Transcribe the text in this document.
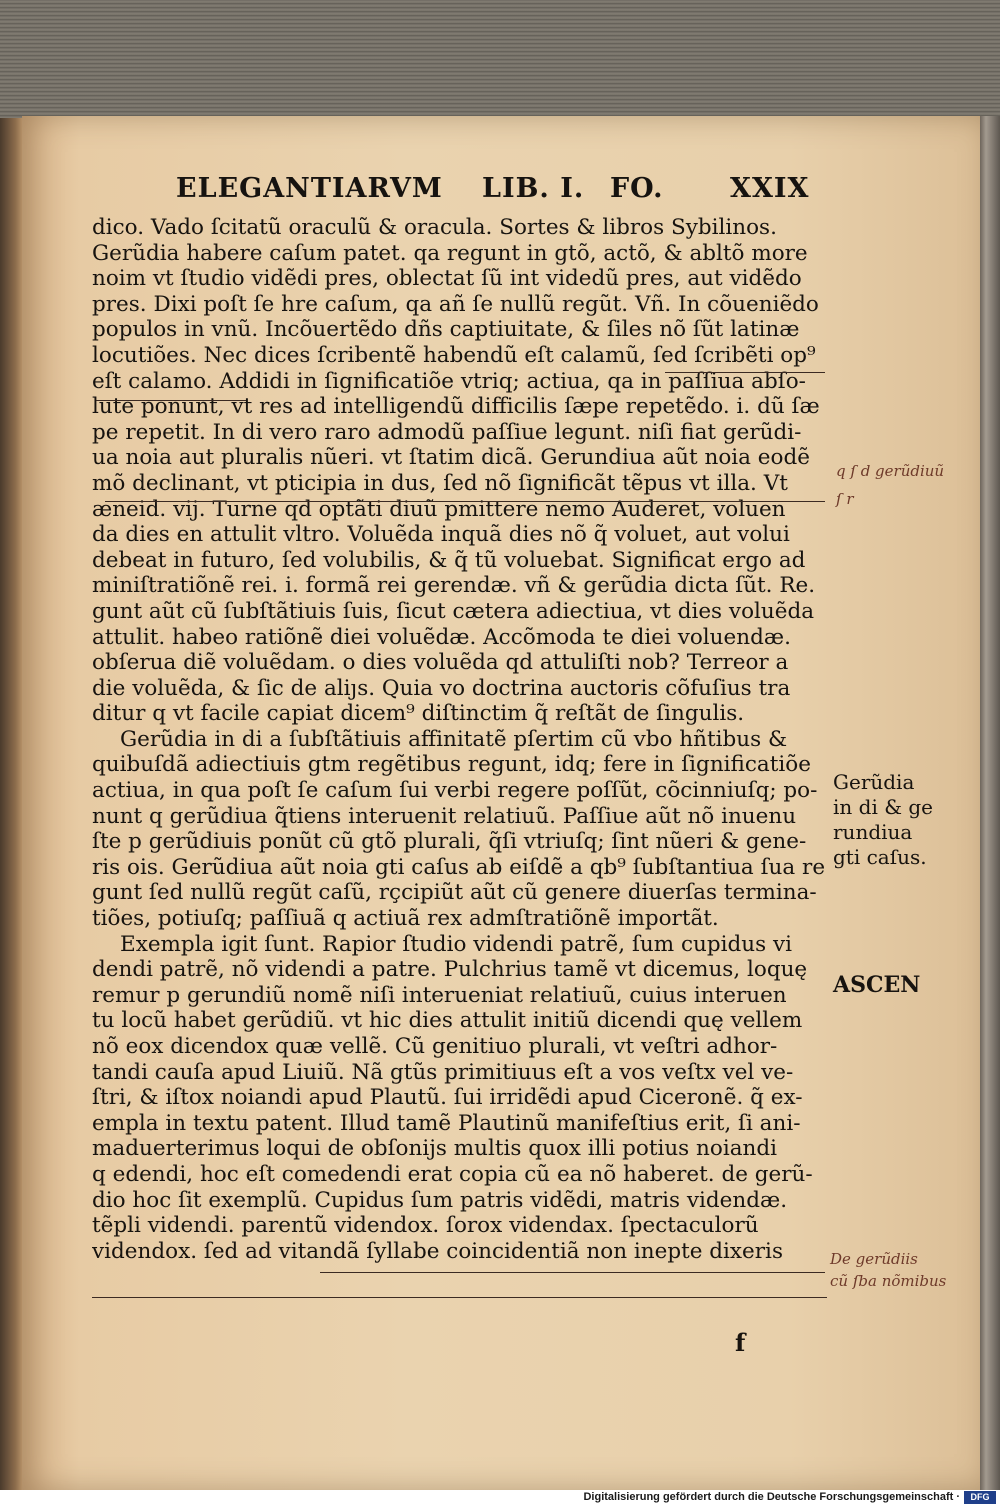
ELEGANTIARVM LIB. I. FO. XXIX
dico. Vado ſcitatũ oraculũ & oracula. Sortes & libros Sybilinos.
Gerũdia habere caſum patet. qa regunt in gtõ, actõ, & abltõ more
noim vt ſtudio vidẽdi pres, oblectat ſũ int videdũ pres, aut vidẽdo
pres. Dixi poſt ſe hre caſum, qa añ ſe nullũ regũt. Vñ. In cõueniẽdo
populos in vnũ. Incõuertẽdo dñs captiuitate, & ſiles nõ ſũt latinæ
locutiões. Nec dices ſcribentẽ habendũ eſt calamũ, ſed ſcribẽti op⁹
eſt calamo. Addidi in ſignificatiõe vtriq; actiua, qa in paſſiua abſo-
lute ponunt, vt res ad intelligendũ difficilis ſæpe repetẽdo. i. dũ ſæ
pe repetit. In di vero raro admodũ paſſiue legunt. niſi fiat gerũdi-
ua noia aut pluralis nũeri. vt ſtatim dicã. Gerundiua aũt noia eodẽ
mõ declinant, vt pticipia in dus, ſed nõ ſignificãt tẽpus vt illa. Vt
æneid. vij. Turne qd optãti diuũ pmittere nemo Auderet, voluen
da dies en attulit vltro. Voluẽda inquã dies nõ q̃ voluet, aut volui
debeat in futuro, ſed volubilis, & q̃ tũ voluebat. Significat ergo ad
miniſtratiõnẽ rei. i. formã rei gerendæ. vñ & gerũdia dicta ſũt. Re.
gunt aũt cũ ſubſtãtiuis ſuis, ſicut cætera adiectiua, vt dies voluẽda
attulit. habeo ratiõnẽ diei voluẽdæ. Accõmoda te diei voluendæ.
obſerua diẽ voluẽdam. o dies voluẽda qd attuliſti nob? Terreor a
die voluẽda, & ſic de aliȷs. Quia vo doctrina auctoris cõfuſius tra
ditur q vt facile capiat dicem⁹ diſtinctim q̃ reſtãt de ſingulis.
Gerũdia in di a ſubſtãtiuis affinitatẽ pſertim cũ vbo hñtibus &
quibuſdã adiectiuis gtm regẽtibus regunt, idq; fere in ſignificatiõe
actiua, in qua poſt ſe caſum ſui verbi regere poſſũt, cõcinniuſq; po-
nunt q gerũdiua q̃tiens interuenit relatiuũ. Paſſiue aũt nõ inuenu
ſte p gerũdiuis ponũt cũ gtõ plurali, q̃ſi vtriuſq; ſint nũeri & gene-
ris ois. Gerũdiua aũt noia gti caſus ab eiſdẽ a qb⁹ ſubſtantiua ſua re
gunt ſed nullũ regũt caſũ, rçcipiũt aũt cũ genere diuerſas termina-
tiões, potiuſq; paſſiuã q actiuã rex admſtratiõnẽ importãt.
Exempla igit ſunt. Rapior ſtudio videndi patrẽ, ſum cupidus vi
dendi patrẽ, nõ videndi a patre. Pulchrius tamẽ vt dicemus, loquę
remur p gerundiũ nomẽ niſi interueniat relatiuũ, cuius interuen
tu locũ habet gerũdiũ. vt hic dies attulit initiũ dicendi quę vellem
nõ eox dicendox quæ vellẽ. Cũ genitiuo plurali, vt veſtri adhor-
tandi cauſa apud Liuiũ. Nã gtũs primitiuus eſt a vos veſtx vel ve-
ſtri, & iſtox noiandi apud Plautũ. ſui irridẽdi apud Ciceronẽ. q̃ ex-
empla in textu patent. Illud tamẽ Plautinũ manifeſtius erit, ſi ani-
maduerterimus loqui de obſonijs multis quox illi potius noiandi
q edendi, hoc eſt comedendi erat copia cũ ea nõ haberet. de gerũ-
dio hoc ſit exemplũ. Cupidus ſum patris vidẽdi, matris videndæ.
tẽpli videndi. parentũ videndox. ſorox videndax. ſpectaculorũ
videndox. ſed ad vitandã ſyllabe coincidentiã non inepte dixeris
f
Gerũdia
in di & ge
rundiua
gti caſus.
ASCEN
q ſ d gerũdiuũ
ſ r
De gerũdiis
cũ ſba nõmibus
Digitalisierung gefördert durch die Deutsche Forschungsgemeinschaft ·	DFG
